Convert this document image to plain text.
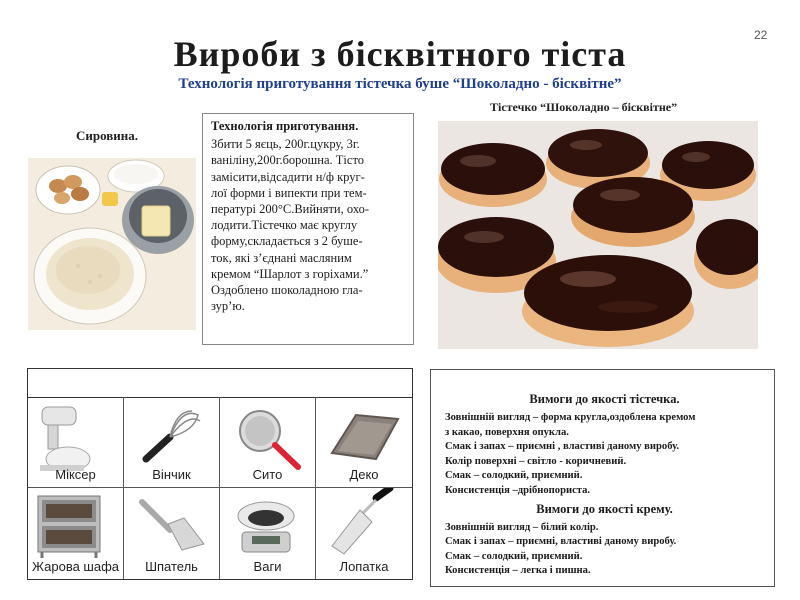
22
Вироби з бісквітного тіста
Технологія приготування тістечка буше “Шоколадно - бісквітне”
Тістечко “Шоколадно – бісквітне”
Сировина.
Технологія приготування.
Збити 5 яєць, 200г.цукру, 3г.
ваніліну,200г.борошна. Тісто
замісити,відсадити н/ф круг-
лої форми і випекти при тем-
пературі 200°С.Вийняти, охо-
лодити.Тістечко має круглу
форму,складається з 2 буше-
ток, які з’єднані масляним
кремом “Шарлот з горіхами.”
Оздоблено шоколадною гла-
зур’ю.
Міксер	Вінчик	Сито	Деко
Жарова шафа	Шпатель	Ваги	Лопатка
Вимоги до якості тістечка.
Зовнішній вигляд – форма кругла,оздоблена кремом
з какао, поверхня опукла.
Смак і запах – приємні , властиві даному виробу.
Колір поверхні – світло - коричневий.
Смак – солодкий, приємний.
Консистенція –дрібнопориста.
Вимоги до якості крему.
Зовнішній вигляд – білий колір.
Смак і запах – приємні, властиві даному виробу.
Смак – солодкий, приємний.
Консистенція – легка і пишна.
